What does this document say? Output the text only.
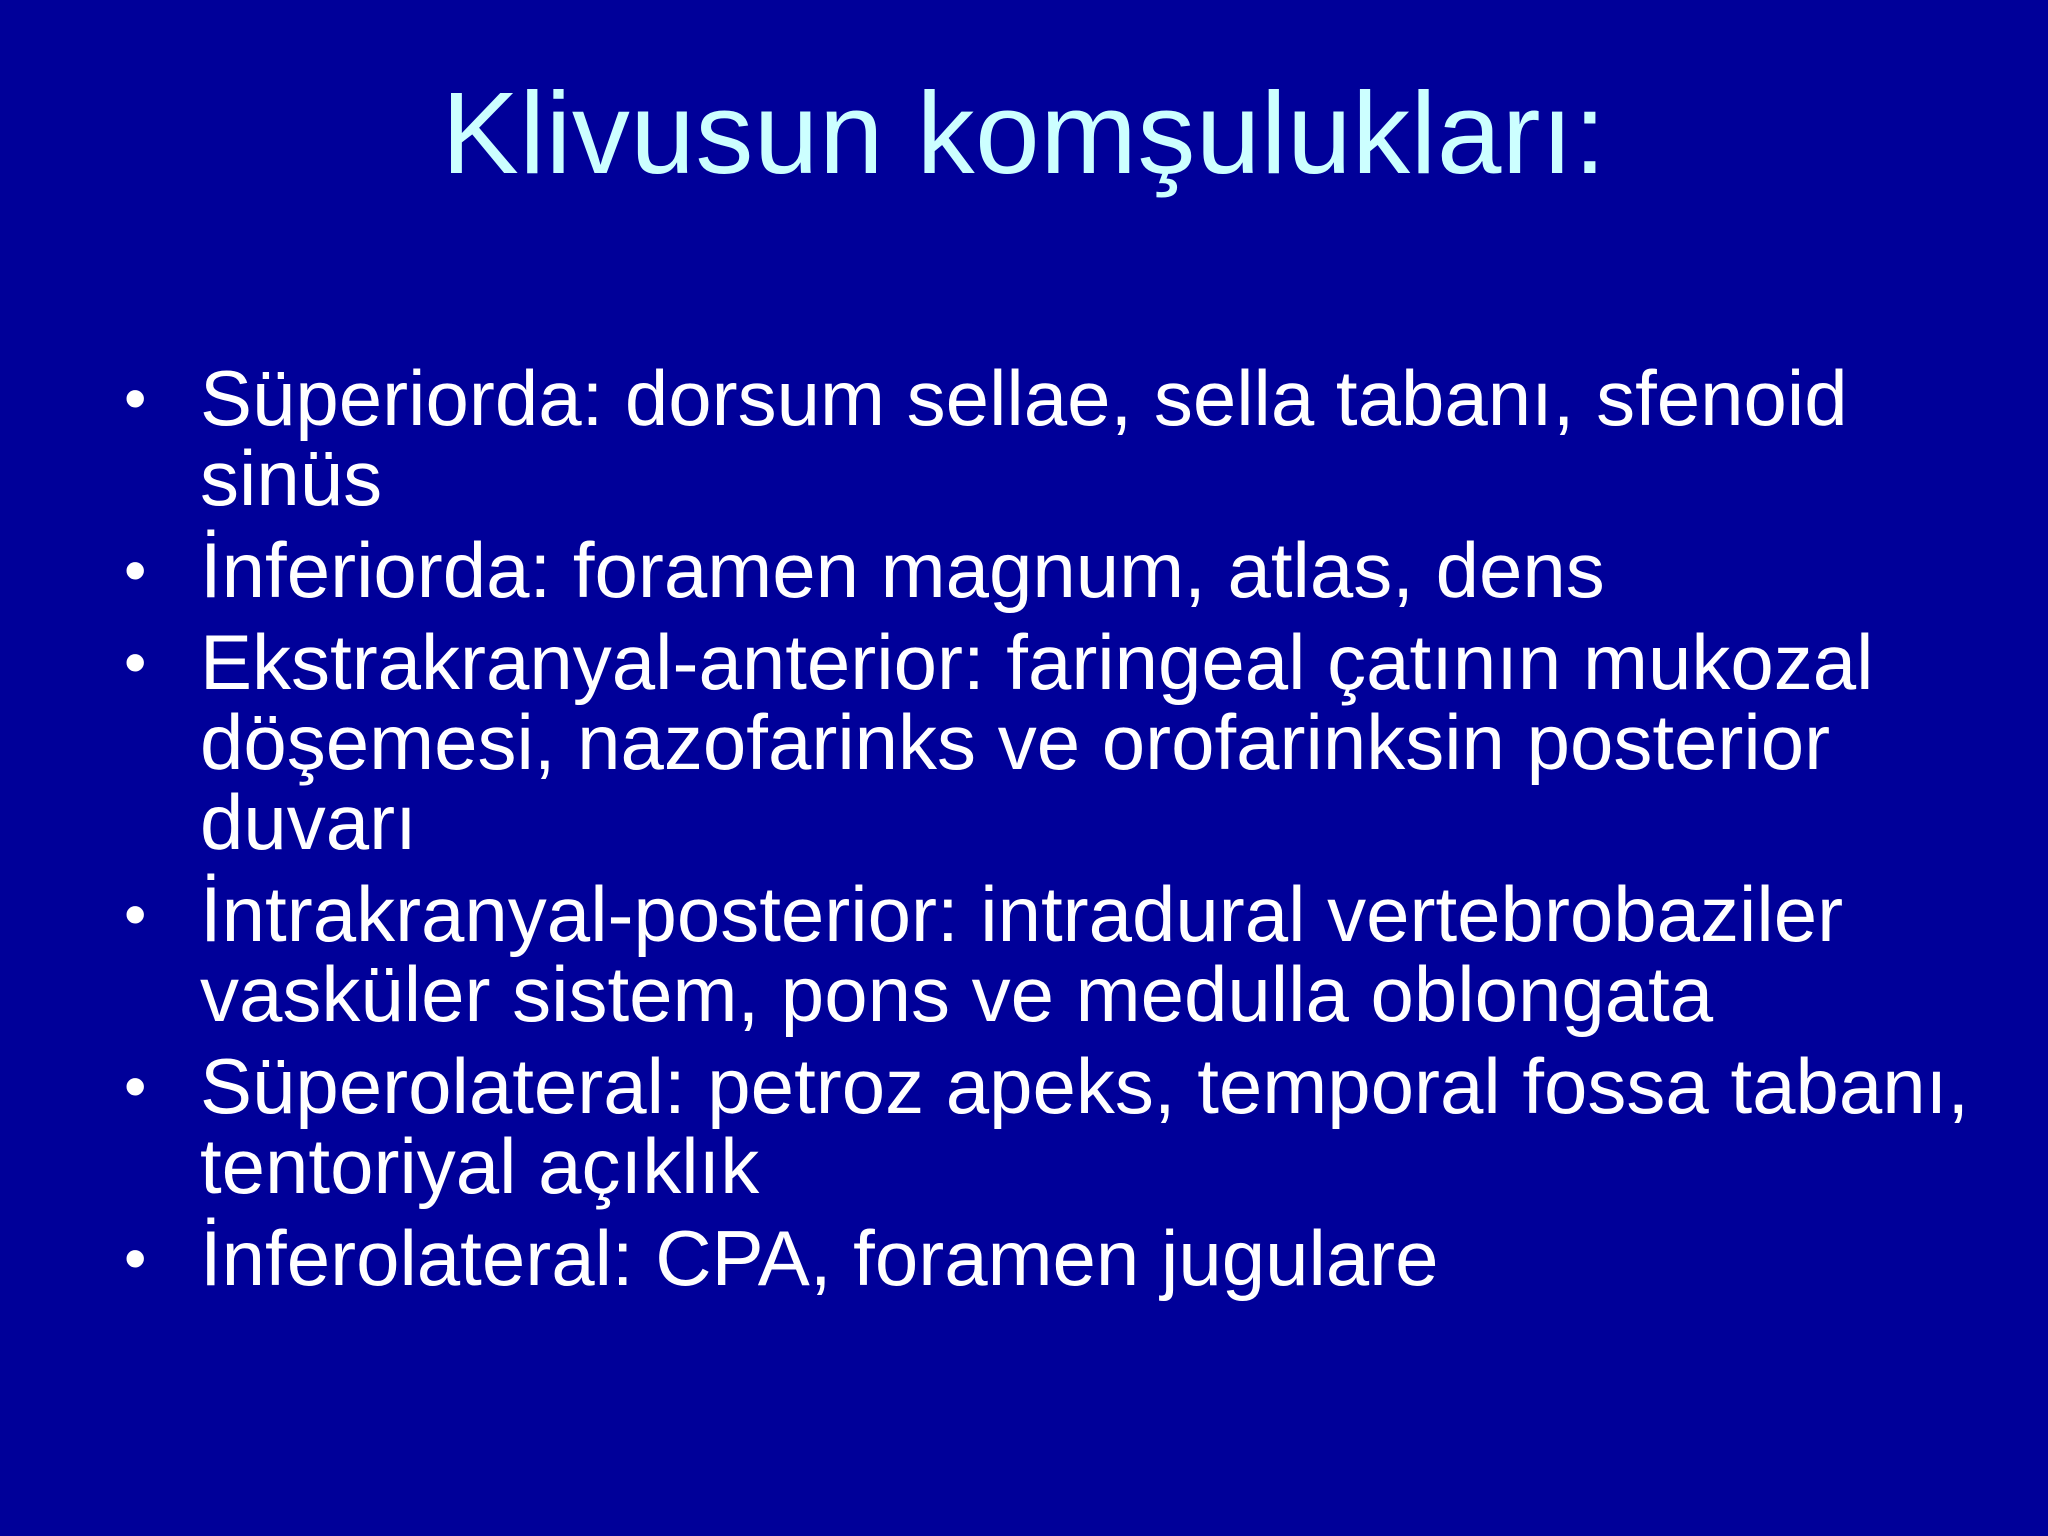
Klivusun komşulukları:
• Süperiorda: dorsum sellae, sella tabanı, sfenoid sinüs
• İnferiorda: foramen magnum, atlas, dens
• Ekstrakranyal-anterior: faringeal çatının mukozal döşemesi, nazofarinks ve orofarinksin posterior duvarı
• İntrakranyal-posterior: intradural vertebrobaziler vasküler sistem, pons ve medulla oblongata
• Süperolateral: petroz apeks, temporal fossa tabanı, tentoriyal açıklık
• İnferolateral: CPA, foramen jugulare
